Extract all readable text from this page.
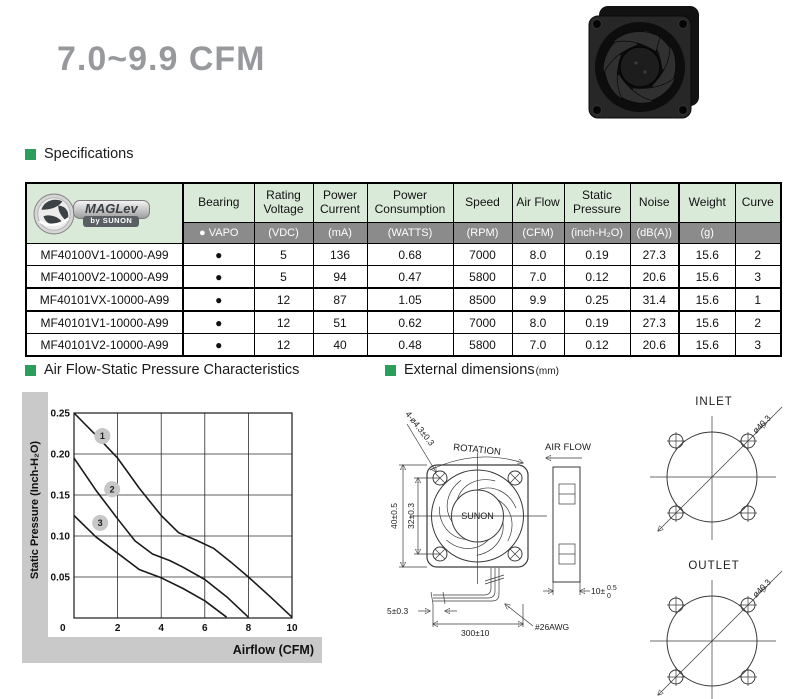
7.0~9.9 CFM
Specifications
MAGLev
by SUNON	Bearing	Rating Voltage	Power Current	Power Consumption	Speed	Air Flow	Static Pressure	Noise	Weight	Curve
	● VAPO	(VDC)	(mA)	(WATTS)	(RPM)	(CFM)	(inch-H₂O)	(dB(A))	(g)	
MF40100V1-10000-A99	●	5	136	0.68	7000	8.0	0.19	27.3	15.6	2
MF40100V2-10000-A99	●	5	94	0.47	5800	7.0	0.12	20.6	15.6	3
MF40101VX-10000-A99	●	12	87	1.05	8500	9.9	0.25	31.4	15.6	1
MF40101V1-10000-A99	●	12	51	0.62	7000	8.0	0.19	27.3	15.6	2
MF40101V2-10000-A99	●	12	40	0.48	5800	7.0	0.12	20.6	15.6	3
Air Flow-Static Pressure Characteristics	External dimensions(mm)
Static Pressure (Inch-H₂O)
Airflow (CFM)
0.05
0.10
0.15
0.20
0.25
2	4	6	8	10
0
1
2
3
SUNON
ROTATION
4-ø4.3±0.3
40±0.5 32±0.3
AIR FLOW
10± 0.5
0
5±0.3
300±10
#26AWG
INLET
ø40.3
OUTLET
ø40.3
